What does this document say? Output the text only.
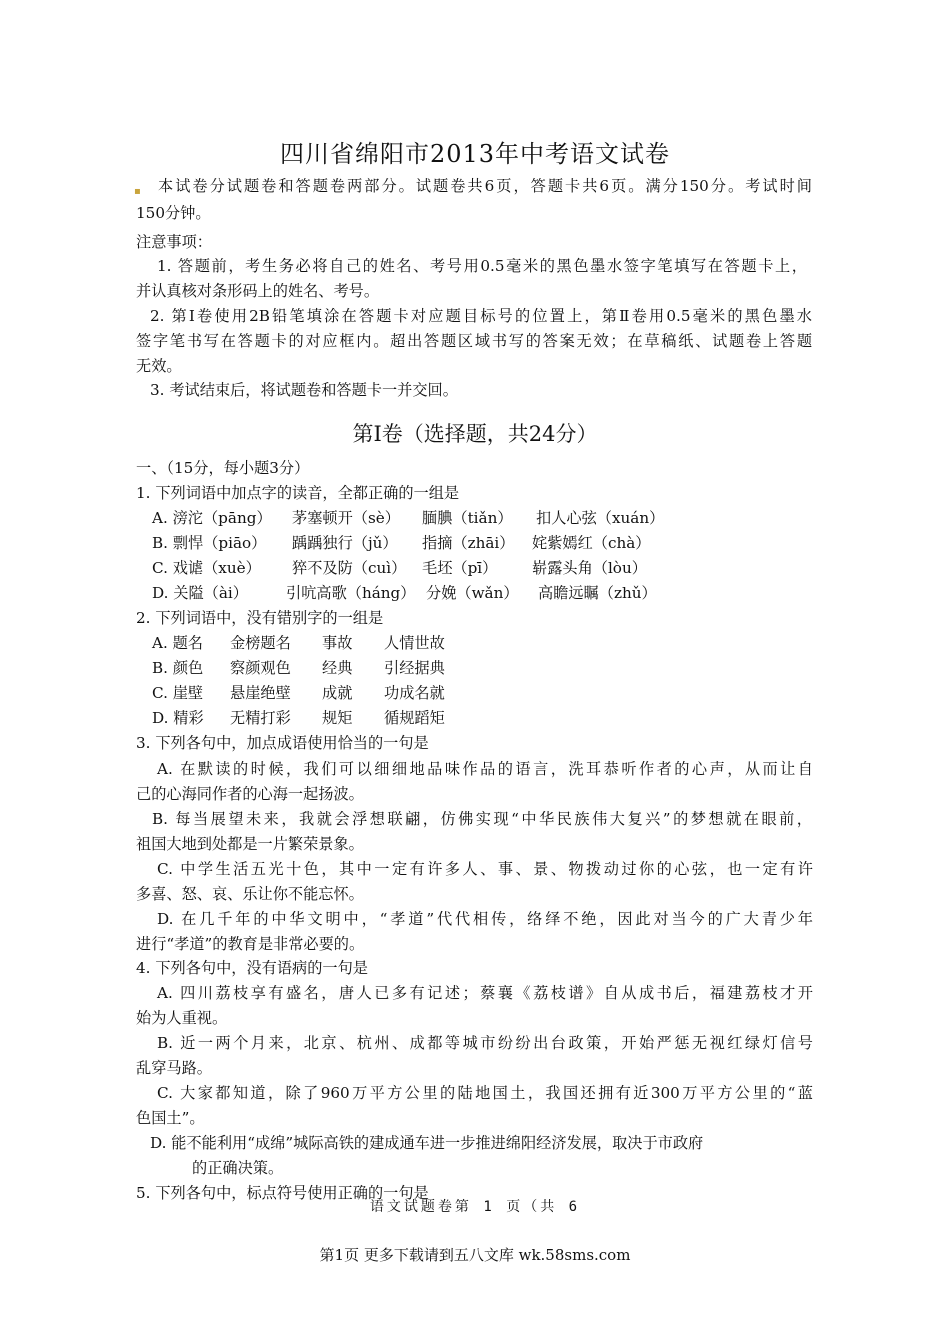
四川省绵阳市2013年中考语文试卷
▪ 本试卷分试题卷和答题卷两部分。试题卷共6页，答题卡共6页。满分150分。考试时间
150分钟。
注意事项：
1. 答题前，考生务必将自己的姓名、考号用0.5毫米的黑色墨水签字笔填写在答题卡上，
并认真核对条形码上的姓名、考号。
2. 第Ⅰ卷使用2B铅笔填涂在答题卡对应题目标号的位置上，第Ⅱ卷用0.5毫米的黑色墨水
签字笔书写在答题卡的对应框内。超出答题区域书写的答案无效；在草稿纸、试题卷上答题
无效。
3. 考试结束后，将试题卷和答题卡一并交回。
第Ⅰ卷（选择题，共24分）
一、（15分，每小题3分）
1. 下列词语中加点字的读音，全都正确的一组是
A. 滂沱（pāng） 茅塞顿开（sè） 腼腆（tiǎn） 扣人心弦（xuán）
B. 剽悍（piāo） 踽踽独行（jǔ） 指摘（zhāi） 姹紫嫣红（chà）
C. 戏谑（xuè） 猝不及防（cuì） 毛坯（pī） 崭露头角（lòu）
D. 关隘（ài）	引吭高歌（háng） 分娩（wǎn） 高瞻远瞩（zhǔ）
2. 下列词语中，没有错别字的一组是
A. 题名 金榜题名 事故 人情世故
B. 颜色 察颜观色 经典 引经据典
C. 崖壁 悬崖绝壁 成就 功成名就
D. 精彩 无精打彩 规矩 循规蹈矩
3. 下列各句中，加点成语使用恰当的一句是
A. 在默读的时候，我们可以细细地品味作品的语言，洗耳恭听作者的心声，从而让自
己的心海同作者的心海一起扬波。
B. 每当展望未来，我就会浮想联翩，仿佛实现“中华民族伟大复兴”的梦想就在眼前，
祖国大地到处都是一片繁荣景象。
C. 中学生活五光十色，其中一定有许多人、事、景、物拨动过你的心弦，也一定有许
多喜、怒、哀、乐让你不能忘怀。
D. 在几千年的中华文明中，“孝道”代代相传，络绎不绝，因此对当今的广大青少年
进行“孝道”的教育是非常必要的。
4. 下列各句中，没有语病的一句是
A. 四川荔枝享有盛名，唐人已多有记述；蔡襄《荔枝谱》自从成书后，福建荔枝才开
始为人重视。
B. 近一两个月来，北京、杭州、成都等城市纷纷出台政策，开始严惩无视红绿灯信号
乱穿马路。
C. 大家都知道，除了960万平方公里的陆地国土，我国还拥有近300万平方公里的“蓝
色国土”。
D. 能不能利用“成绵”城际高铁的建成通车进一步推进绵阳经济发展，取决于市政府
的正确决策。
5. 下列各句中，标点符号使用正确的一句是
语文试题卷第 1 页（共 6
第1页 更多下载请到五八文库 wk.58sms.com
